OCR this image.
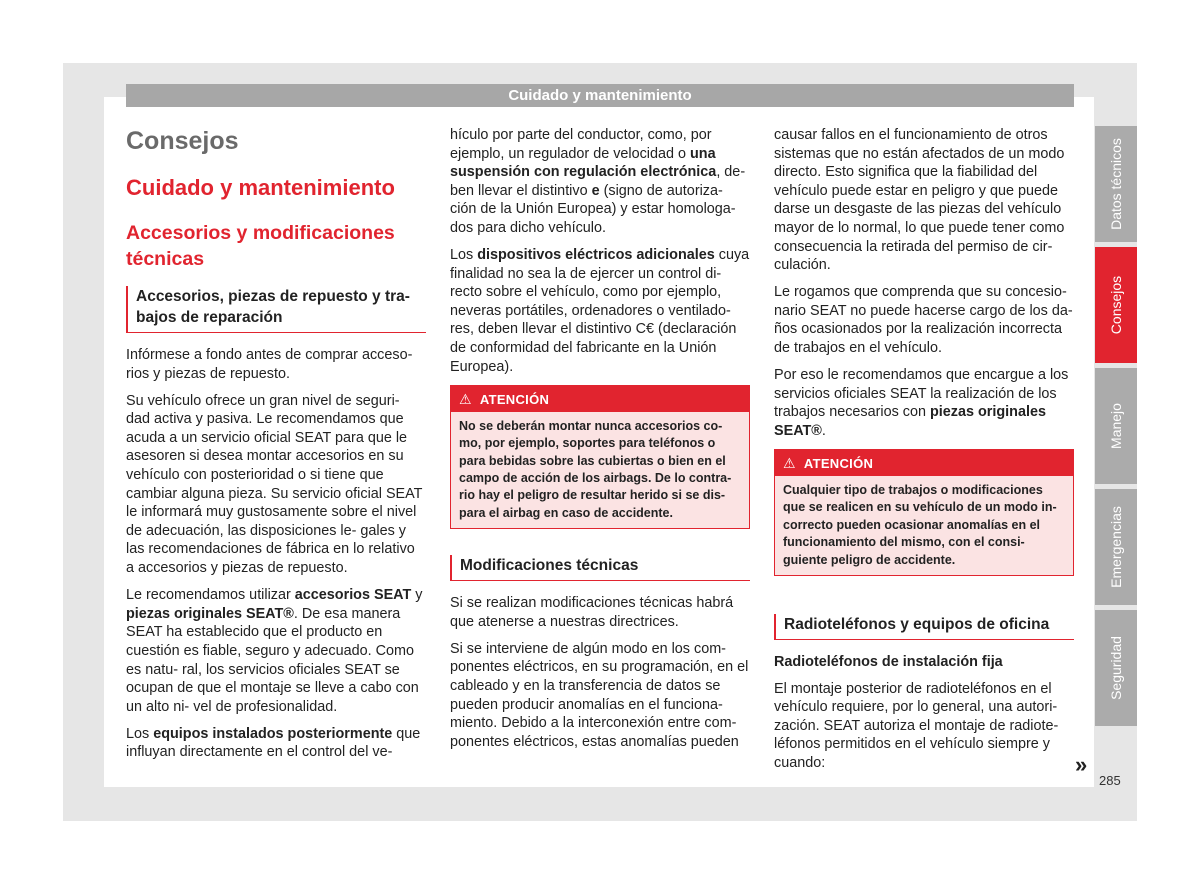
Cuidado y mantenimiento
Consejos
Cuidado y mantenimiento
Accesorios y modificaciones técnicas
Accesorios, piezas de repuesto y tra- bajos de reparación

Infórmese a fondo antes de comprar acceso- rios y piezas de repuesto.

Su vehículo ofrece un gran nivel de seguri- dad activa y pasiva. Le recomendamos que acuda a un servicio oficial SEAT para que le asesoren si desea montar accesorios en su vehículo con posterioridad o si tiene que cambiar alguna pieza. Su servicio oficial SEAT le informará muy gustosamente sobre el nivel de adecuación, las disposiciones le- gales y las recomendaciones de fábrica en lo relativo a accesorios y piezas de repuesto.

Le recomendamos utilizar accesorios SEAT y piezas originales SEAT®. De esa manera SEAT ha establecido que el producto en cuestión es fiable, seguro y adecuado. Como es natu- ral, los servicios oficiales SEAT se ocupan de que el montaje se lleve a cabo con un alto ni- vel de profesionalidad.

Los equipos instalados posteriormente que influyan directamente en el control del ve-

hículo por parte del conductor, como, por ejemplo, un regulador de velocidad o una suspensión con regulación electrónica, de- ben llevar el distintivo e (signo de autoriza- ción de la Unión Europea) y estar homologa- dos para dicho vehículo.

Los dispositivos eléctricos adicionales cuya finalidad no sea la de ejercer un control di- recto sobre el vehículo, como por ejemplo, neveras portátiles, ordenadores o ventilado- res, deben llevar el distintivo C€ (declaración de conformidad del fabricante en la Unión Europea).

⚠ ATENCIÓN
No se deberán montar nunca accesorios co- mo, por ejemplo, soportes para teléfonos o para bebidas sobre las cubiertas o bien en el campo de acción de los airbags. De lo contra- rio hay el peligro de resultar herido si se dis- para el airbag en caso de accidente.
Modificaciones técnicas

Si se realizan modificaciones técnicas habrá que atenerse a nuestras directrices.

Si se interviene de algún modo en los com- ponentes eléctricos, en su programación, en el cableado y en la transferencia de datos se pueden producir anomalías en el funciona- miento. Debido a la interconexión entre com- ponentes eléctricos, estas anomalías pueden

causar fallos en el funcionamiento de otros sistemas que no están afectados de un modo directo. Esto significa que la fiabilidad del vehículo puede estar en peligro y que puede darse un desgaste de las piezas del vehículo mayor de lo normal, lo que puede tener como consecuencia la retirada del permiso de cir- culación.

Le rogamos que comprenda que su concesio- nario SEAT no puede hacerse cargo de los da- ños ocasionados por la realización incorrecta de trabajos en el vehículo.

Por eso le recomendamos que encargue a los servicios oficiales SEAT la realización de los trabajos necesarios con piezas originales SEAT®.

⚠ ATENCIÓN
Cualquier tipo de trabajos o modificaciones que se realicen en su vehículo de un modo in- correcto pueden ocasionar anomalías en el funcionamiento del mismo, con el consi- guiente peligro de accidente.
Radioteléfonos y equipos de oficina
Radioteléfonos de instalación fija

El montaje posterior de radioteléfonos en el vehículo requiere, por lo general, una autori- zación. SEAT autoriza el montaje de radiote- léfonos permitidos en el vehículo siempre y cuando:

Datos técnicos
Consejos
Manejo
Emergencias
Seguridad
»
285
